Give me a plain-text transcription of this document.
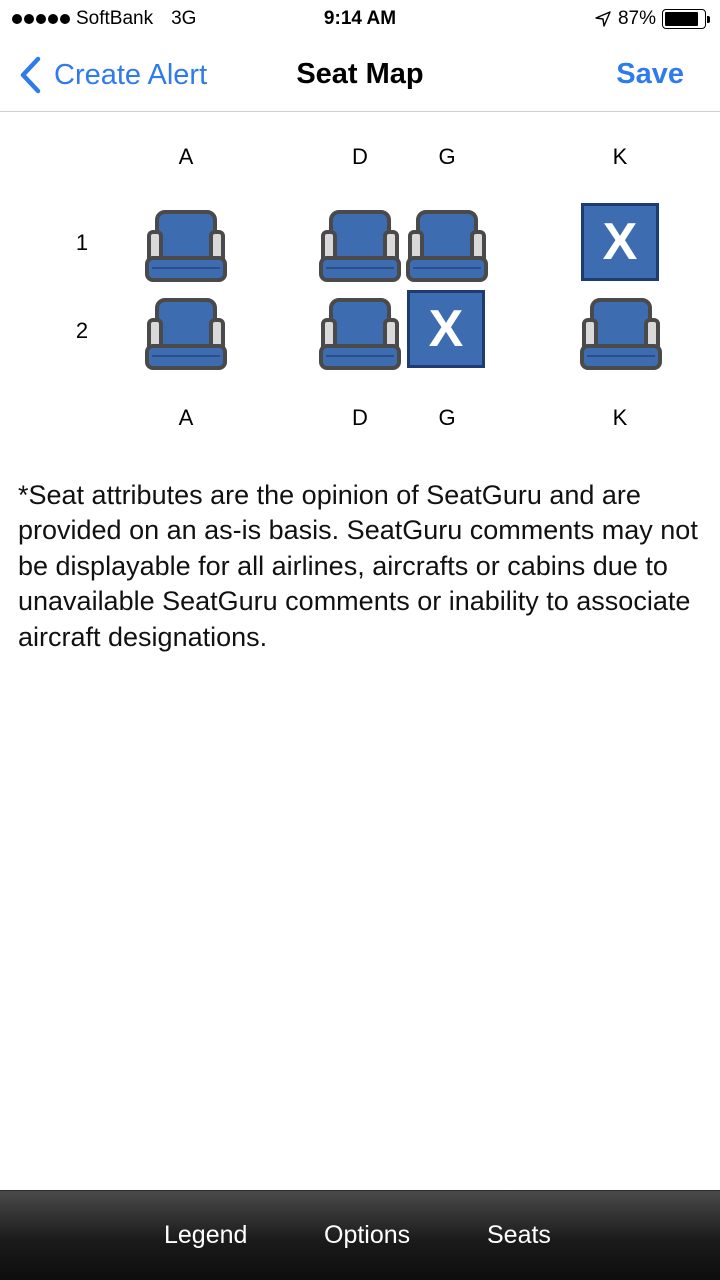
SoftBank 3G	9:14 AM	87%
Create Alert	Seat Map	Save
A	D	G	K
1
2
X
X
A	D	G	K

*Seat attributes are the opinion of SeatGuru and are provided on an as-is basis. SeatGuru comments may not be displayable for all airlines, aircrafts or cabins due to unavailable SeatGuru comments or inability to associate aircraft designations.

Legend	Options	Seats
